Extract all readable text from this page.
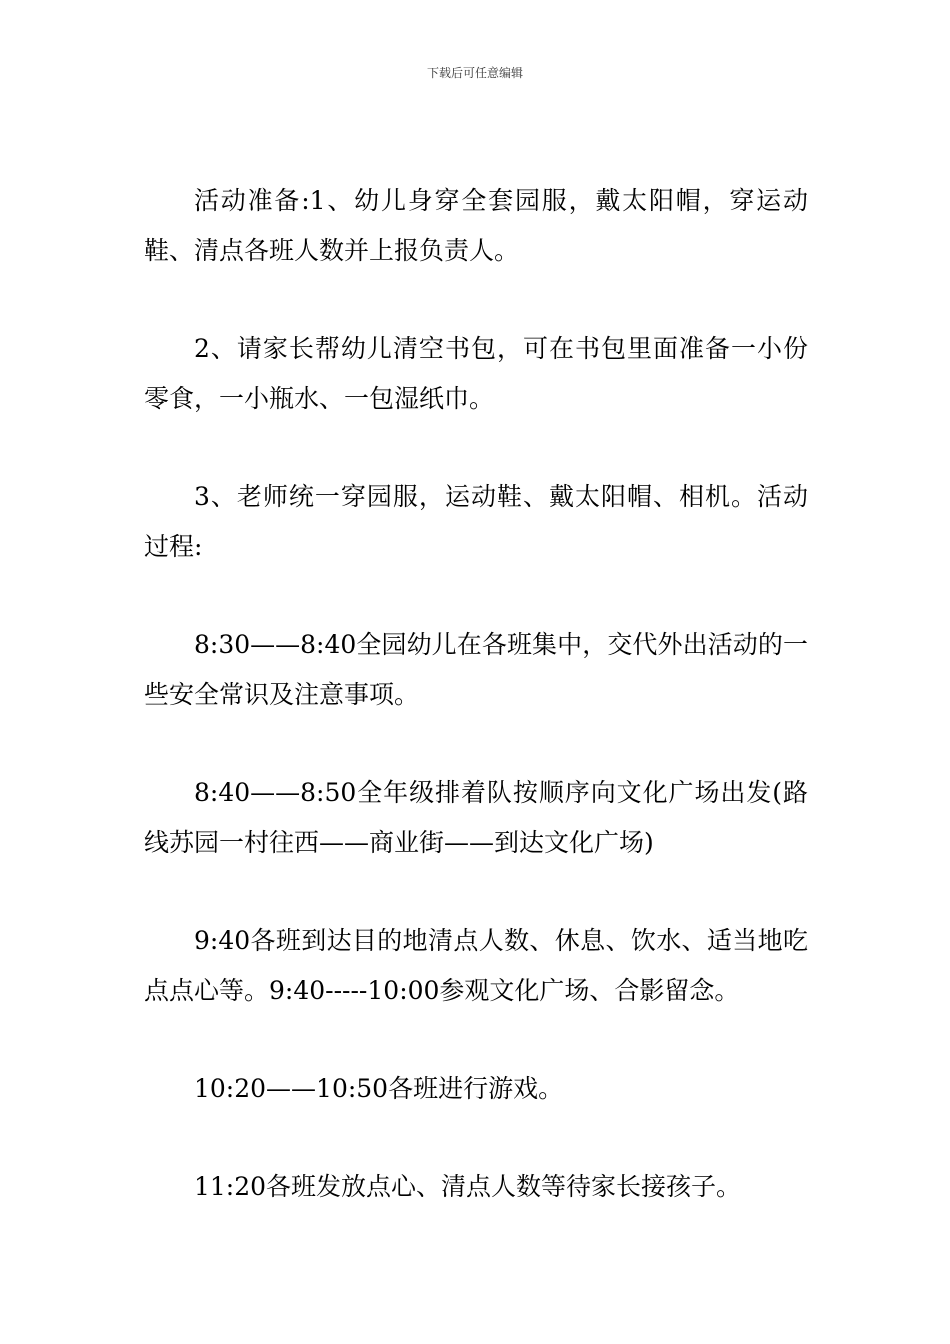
下载后可任意编辑

活动准备:1、幼儿身穿全套园服，戴太阳帽，穿运动鞋、清点各班人数并上报负责人。

2、请家长帮幼儿清空书包，可在书包里面准备一小份零食，一小瓶水、一包湿纸巾。

3、老师统一穿园服，运动鞋、戴太阳帽、相机。活动过程:

8:30——8:40全园幼儿在各班集中，交代外出活动的一些安全常识及注意事项。

8:40——8:50全年级排着队按顺序向文化广场出发(路线苏园一村往西——商业街——到达文化广场)

9:40各班到达目的地清点人数、休息、饮水、适当地吃点点心等。9:40-----10:00参观文化广场、合影留念。

10:20——10:50各班进行游戏。

11:20各班发放点心、清点人数等待家长接孩子。
